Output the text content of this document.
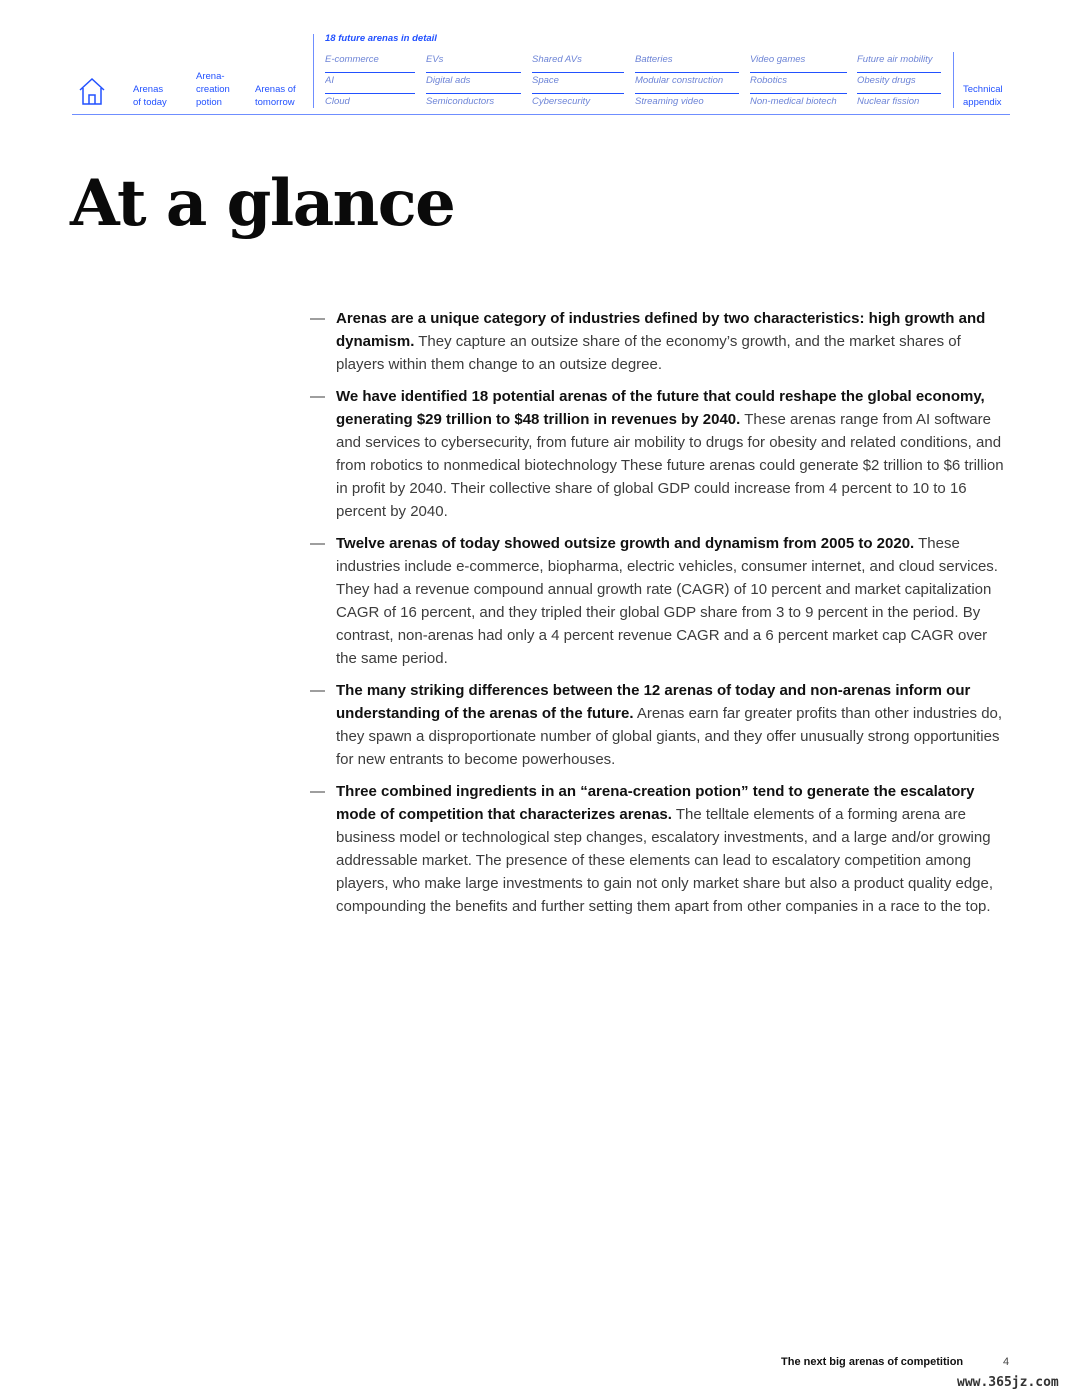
Arenas
of today
Arena-
creation
potion
Arenas of
tomorrow
18 future arenas in detail
E-commerce	EVs	Shared AVs	Batteries	Video games	Future air mobility
AI	Digital ads	Space	Modular construction	Robotics	Obesity drugs
Cloud	Semiconductors	Cybersecurity	Streaming video	Non-medical biotech	Nuclear fission
Technical
appendix
At a glance
— Arenas are a unique category of industries defined by two characteristics: high growth and dynamism. They capture an outsize share of the economy’s growth, and the market shares of players within them change to an outsize degree.
— We have identified 18 potential arenas of the future that could reshape the global economy, generating $29 trillion to $48 trillion in revenues by 2040. These arenas range from AI software and services to cybersecurity, from future air mobility to drugs for obesity and related conditions, and from robotics to nonmedical biotechnology These future arenas could generate $2 trillion to $6 trillion in profit by 2040. Their collective share of global GDP could increase from 4 percent to 10 to 16 percent by 2040.
— Twelve arenas of today showed outsize growth and dynamism from 2005 to 2020. These industries include e-commerce, biopharma, electric vehicles, consumer internet, and cloud services. They had a revenue compound annual growth rate (CAGR) of 10 percent and market capitalization CAGR of 16 percent, and they tripled their global GDP share from 3 to 9 percent in the period. By contrast, non-arenas had only a 4 percent revenue CAGR and a 6 percent market cap CAGR over the same period.
— The many striking differences between the 12 arenas of today and non-arenas inform our understanding of the arenas of the future. Arenas earn far greater profits than other industries do, they spawn a disproportionate number of global giants, and they offer unusually strong opportunities for new entrants to become powerhouses.
— Three combined ingredients in an “arena-creation potion” tend to generate the escalatory mode of competition that characterizes arenas. The telltale elements of a forming arena are business model or technological step changes, escalatory investments, and a large and/or growing addressable market. The presence of these elements can lead to escalatory competition among players, who make large investments to gain not only market share but also a product quality edge, compounding the benefits and further setting them apart from other companies in a race to the top.
The next big arenas of competition	4
www.365jz.com
